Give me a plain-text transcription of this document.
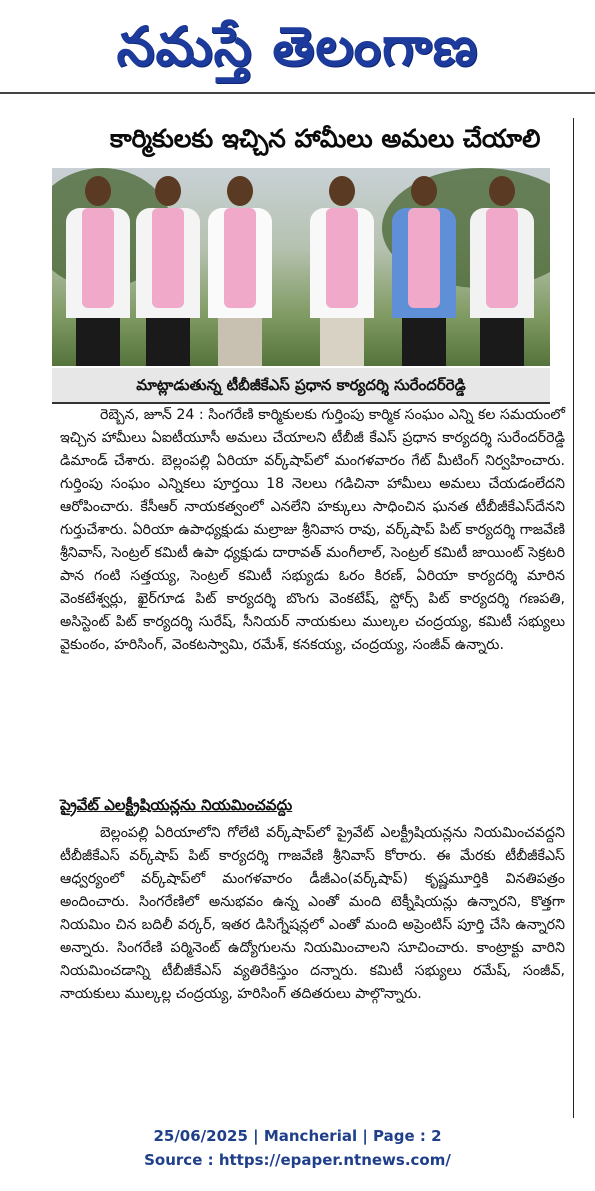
నమస్తే తెలంగాణ
కార్మికులకు ఇచ్చిన హామీలు అమలు చేయాలి
మాట్లాడుతున్న టీబీజీకేఎస్ ప్రధాన కార్యదర్శి సురేందర్‌రెడ్డి
రెబ్బెన, జూన్ 24 : సింగరేణి కార్మికులకు గుర్తింపు కార్మిక సంఘం ఎన్ని కల సమయంలో ఇచ్చిన హామీలు ఏఐటీయూసీ అమలు చేయాలని టీబీజీ కేఎస్ ప్రధాన కార్యదర్శి సురేందర్‌రెడ్డి డిమాండ్ చేశారు. బెల్లంపల్లి ఏరియా వర్క్‌షాప్‌లో మంగళవారం గేట్ మీటింగ్ నిర్వహించారు. గుర్తింపు సంఘం ఎన్నికలు పూర్తయి 18 నెలలు గడిచినా హామీలు అమలు చేయడంలేదని ఆరోపించారు. కేసీఆర్ నాయకత్వంలో ఎనలేని హక్కులు సాధించిన ఘనత టీబీజీకేఎస్‌దేనని గుర్తుచేశారు. ఏరియా ఉపాధ్యక్షుడు మల్రాజు శ్రీనివాస రావు, వర్క్‌షాప్ పిట్ కార్యదర్శి గాజవేణి శ్రీనివాస్, సెంట్రల్ కమిటీ ఉపా ధ్యక్షుడు దారావత్ మంగీలాల్, సెంట్రల్ కమిటీ జాయింట్ సెక్రటరి పాన గంటి సత్తయ్య, సెంట్రల్ కమిటీ సభ్యుడు ఓరం కిరణ్, ఏరియా కార్యదర్శి మారిన వెంకటేశ్వర్లు, ఖైర్‌గూడ పిట్ కార్యదర్శి బొంగు వెంకటేష్, స్టోర్స్ పిట్ కార్యదర్శి గణపతి, అసిస్టెంట్ పిట్ కార్యదర్శి సురేష్, సీనియర్ నాయకులు ముల్కల చంద్రయ్య, కమిటీ సభ్యులు వైకుంఠం, హరిసింగ్, వెంకటస్వామి, రమేశ్, కనకయ్య, చంద్రయ్య, సంజీవ్ ఉన్నారు.
ప్రైవేట్ ఎలక్ట్రీషియన్లను నియమించవద్దు
బెల్లంపల్లి ఏరియాలోని గోలేటి వర్క్‌షాప్‌లో ప్రైవేట్ ఎలక్ట్రీషియన్లను నియమించవద్దని టీబీజీకేఎస్ వర్క్‌షాప్ పిట్ కార్యదర్శి గాజవేణి శ్రీనివాస్ కోరారు. ఈ మేరకు టీబీజీకేఎస్ ఆధ్వర్యంలో వర్క్‌షాప్‌లో మంగళవారం డీజీఎం(వర్క్‌షాప్) కృష్ణమూర్తికి వినతిపత్రం అందించారు. సింగరేణిలో అనుభవం ఉన్న ఎంతో మంది టెక్నీషియన్లు ఉన్నారని, కొత్తగా నియమిం చిన బదిలీ వర్కర్, ఇతర డిసిగ్నేషన్లలో ఎంతో మంది అప్రెంటిస్ పూర్తి చేసి ఉన్నారని అన్నారు. సింగరేణి పర్మినెంట్ ఉద్యోగులను నియమించాలని సూచించారు. కాంట్రాక్టు వారిని నియమించడాన్ని టీబీజీకేఎస్ వ్యతిరేకిస్తుం దన్నారు. కమిటీ సభ్యులు రమేష్, సంజీవ్, నాయకులు ముల్కల్ల చంద్రయ్య, హరిసింగ్ తదితరులు పాల్గొన్నారు.
25/06/2025 | Mancherial | Page : 2
Source : https://epaper.ntnews.com/
